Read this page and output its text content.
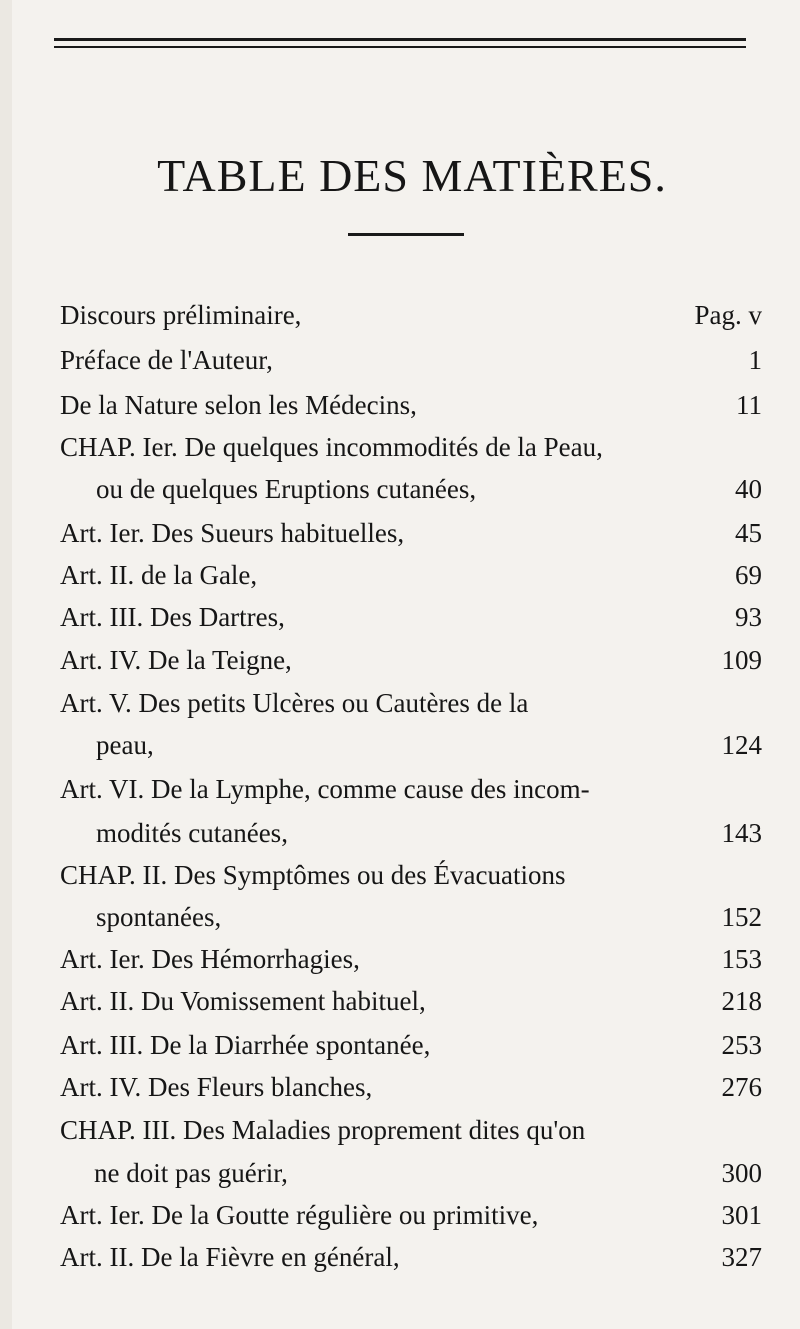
TABLE DES MATIÈRES.
Discours préliminaire,	Pag. v
Préface de l'Auteur,	1
De la Nature selon les Médecins,	11
CHAP. Ier. De quelques incommodités de la Peau,
ou de quelques Eruptions cutanées,	40
Art. Ier. Des Sueurs habituelles,	45
Art. II. de la Gale,	69
Art. III. Des Dartres,	93
Art. IV. De la Teigne,	109
Art. V. Des petits Ulcères ou Cautères de la
peau,	124
Art. VI. De la Lymphe, comme cause des incom-
modités cutanées,	143
CHAP. II. Des Symptômes ou des Évacuations
spontanées,	152
Art. Ier. Des Hémorrhagies,	153
Art. II. Du Vomissement habituel,	218
Art. III. De la Diarrhée spontanée,	253
Art. IV. Des Fleurs blanches,	276
CHAP. III. Des Maladies proprement dites qu'on
ne doit pas guérir,	300
Art. Ier. De la Goutte régulière ou primitive,	301
Art. II. De la Fièvre en général,	327
